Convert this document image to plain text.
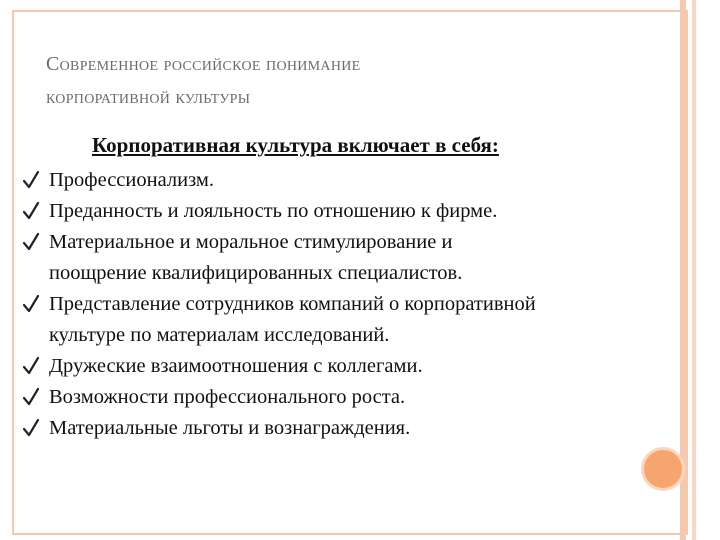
Современное российское понимание
корпоративной культуры
Корпоративная культура включает в себя:
Профессионализм.
Преданность и лояльность по отношению к фирме.
Материальное и моральное стимулирование и
поощрение квалифицированных специалистов.
Представление сотрудников компаний о корпоративной
культуре по материалам исследований.
Дружеские взаимоотношения с коллегами.
Возможности профессионального роста.
Материальные льготы и вознаграждения.
